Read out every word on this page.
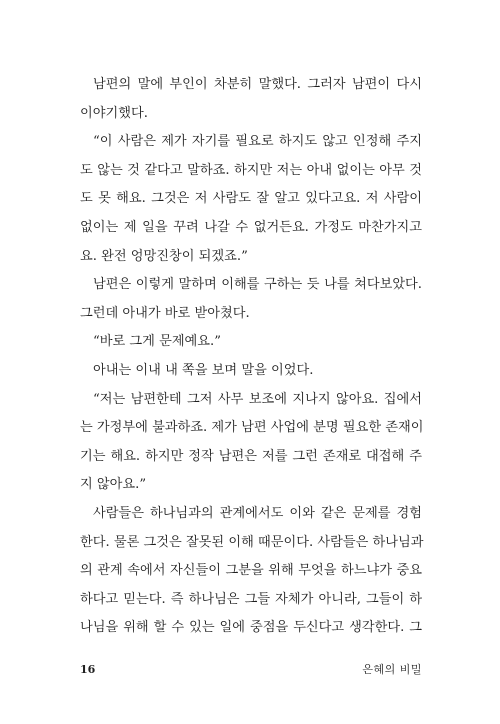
남편의 말에 부인이 차분히 말했다. 그러자 남편이 다시
이야기했다.
“이 사람은 제가 자기를 필요로 하지도 않고 인정해 주지
도 않는 것 같다고 말하죠. 하지만 저는 아내 없이는 아무 것
도 못 해요. 그것은 저 사람도 잘 알고 있다고요. 저 사람이
없이는 제 일을 꾸려 나갈 수 없거든요. 가정도 마찬가지고
요. 완전 엉망진창이 되겠죠.”
남편은 이렇게 말하며 이해를 구하는 듯 나를 쳐다보았다.
그런데 아내가 바로 받아쳤다.
“바로 그게 문제예요.”
아내는 이내 내 쪽을 보며 말을 이었다.
“저는 남편한테 그저 사무 보조에 지나지 않아요. 집에서
는 가정부에 불과하죠. 제가 남편 사업에 분명 필요한 존재이
기는 해요. 하지만 정작 남편은 저를 그런 존재로 대접해 주
지 않아요.”
사람들은 하나님과의 관계에서도 이와 같은 문제를 경험
한다. 물론 그것은 잘못된 이해 때문이다. 사람들은 하나님과
의 관계 속에서 자신들이 그분을 위해 무엇을 하느냐가 중요
하다고 믿는다. 즉 하나님은 그들 자체가 아니라, 그들이 하
나님을 위해 할 수 있는 일에 중점을 두신다고 생각한다. 그
16	은혜의 비밀
